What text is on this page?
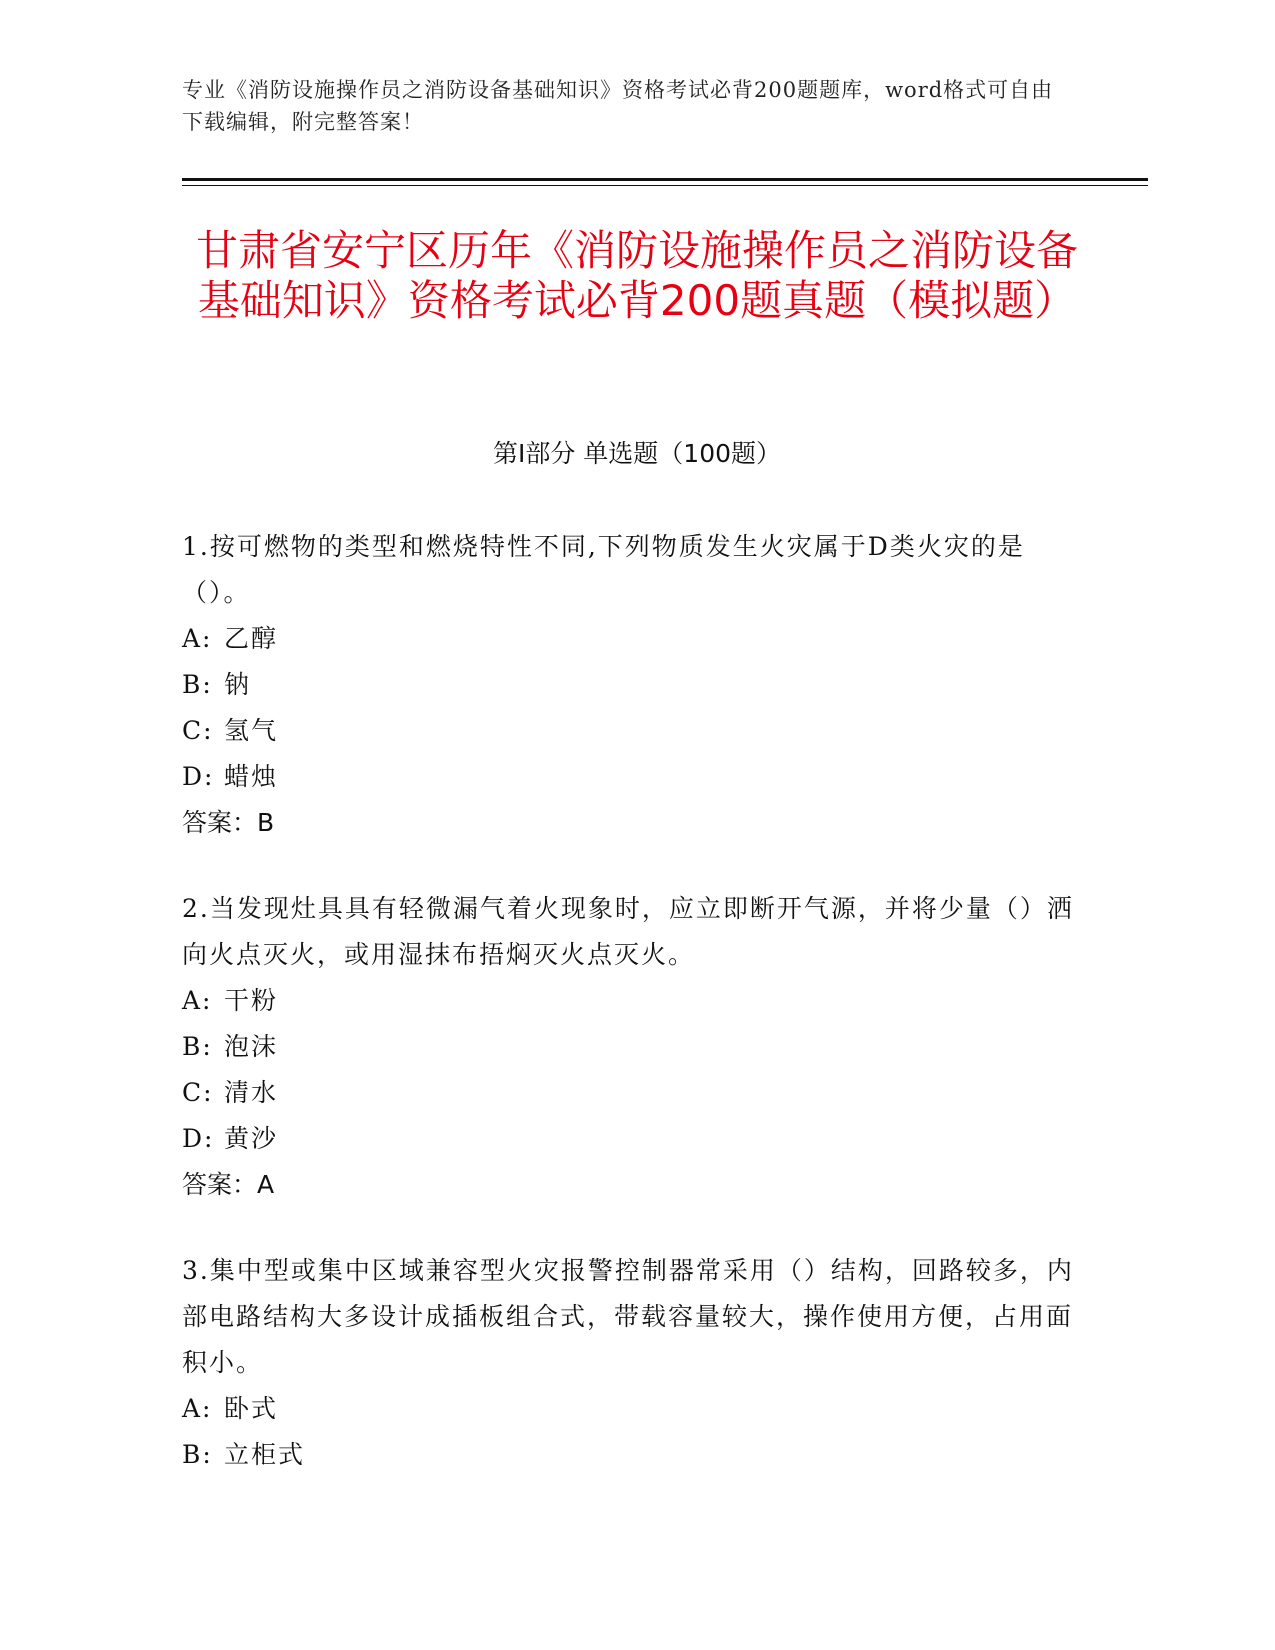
专业《消防设施操作员之消防设备基础知识》资格考试必背200题题库，word格式可自由下载编辑，附完整答案！
甘肃省安宁区历年《消防设施操作员之消防设备基础知识》资格考试必背200题真题（模拟题）
第I部分 单选题（100题）

1.按可燃物的类型和燃烧特性不同,下列物质发生火灾属于D类火灾的是（）。

A: 乙醇

B: 钠

C: 氢气

D: 蜡烛

答案：B

2.当发现灶具具有轻微漏气着火现象时，应立即断开气源，并将少量（）洒向火点灭火，或用湿抹布捂焖灭火点灭火。

A: 干粉

B: 泡沫

C: 清水

D: 黄沙

答案：A

3.集中型或集中区域兼容型火灾报警控制器常采用（）结构，回路较多，内部电路结构大多设计成插板组合式，带载容量较大，操作使用方便，占用面积小。

A: 卧式

B: 立柜式
